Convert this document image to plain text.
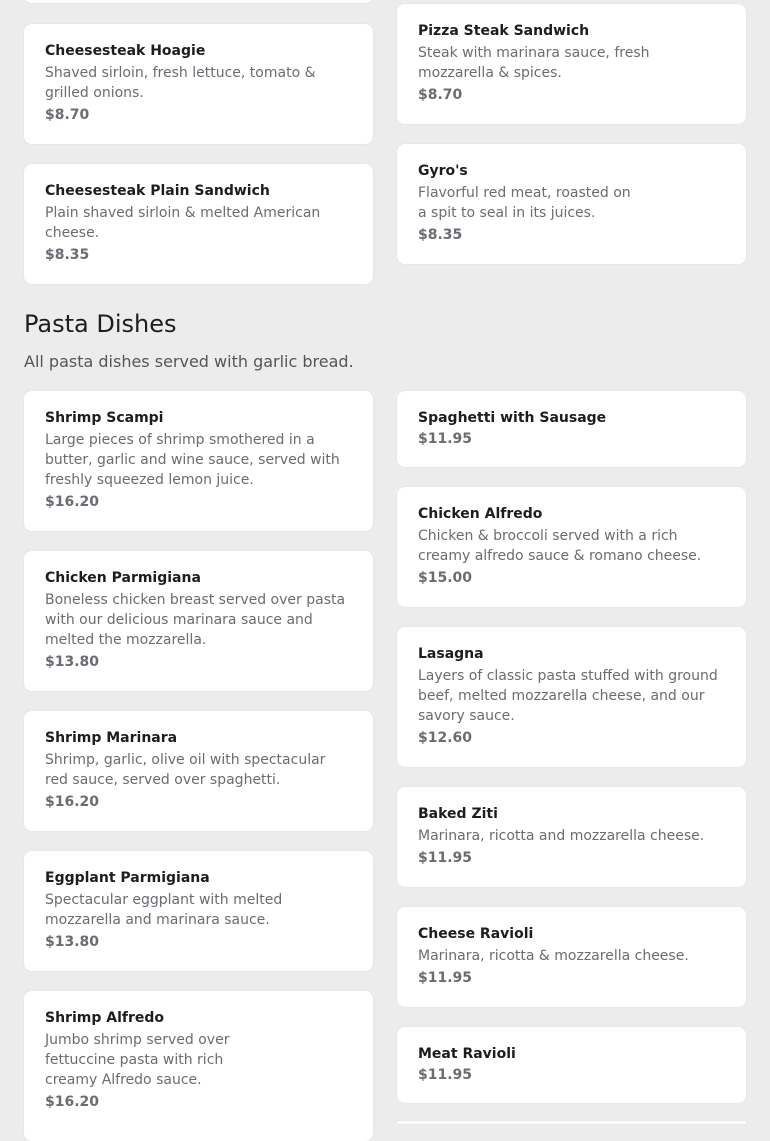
Cheesesteak Hoagie
Shaved sirloin, fresh lettuce, tomato & grilled onions.
$8.70
Pizza Steak Sandwich
Steak with marinara sauce, fresh mozzarella & spices.
$8.70
Cheesesteak Plain Sandwich
Plain shaved sirloin & melted American cheese.
$8.35
Gyro's
Flavorful red meat, roasted on a spit to seal in its juices.
$8.35
Pasta Dishes

All pasta dishes served with garlic bread.

Shrimp Scampi
Large pieces of shrimp smothered in a butter, garlic and wine sauce, served with freshly squeezed lemon juice.
$16.20
Chicken Parmigiana
Boneless chicken breast served over pasta with our delicious marinara sauce and melted the mozzarella.
$13.80
Shrimp Marinara
Shrimp, garlic, olive oil with spectacular red sauce, served over spaghetti.
$16.20
Eggplant Parmigiana
Spectacular eggplant with melted mozzarella and marinara sauce.
$13.80
Shrimp Alfredo
Jumbo shrimp served over fettuccine pasta with rich creamy Alfredo sauce.
$16.20
Spaghetti with Sausage
$11.95
Chicken Alfredo
Chicken & broccoli served with a rich creamy alfredo sauce & romano cheese.
$15.00
Lasagna
Layers of classic pasta stuffed with ground beef, melted mozzarella cheese, and our savory sauce.
$12.60
Baked Ziti
Marinara, ricotta and mozzarella cheese.
$11.95
Cheese Ravioli
Marinara, ricotta & mozzarella cheese.
$11.95
Meat Ravioli
$11.95
